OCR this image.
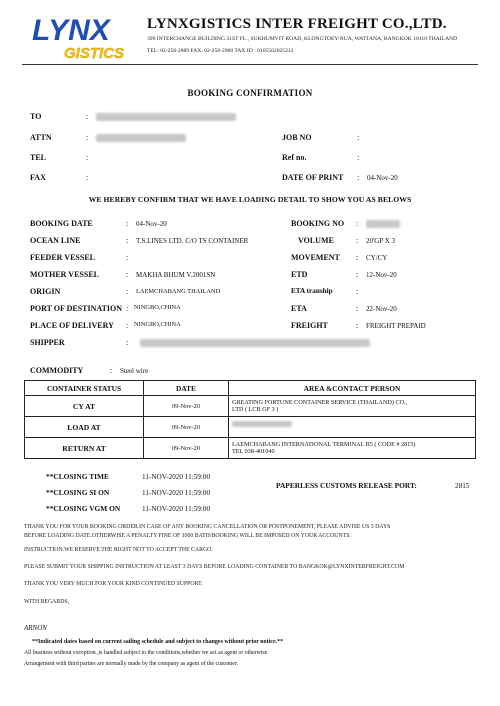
LYNX
GISTICS
LYNXGISTICS INTER FREIGHT CO.,LTD.
399 INTERCHANGE BUILDING 31ST FL., SUKHUMVIT ROAD, KLONGTOEY-NUA, WATTANA, BANGKOK 10110 THAILAND
TEL: 02-258-2889 FAX: 02-258-2900 TAX ID : 0105562025212
BOOKING CONFIRMATION
TO	:
ATTN	:
TEL	:
FAX	:
JOB NO	:
Ref no.	:
DATE OF PRINT : 04-Nov-20
WE HEREBY CONFIRM THAT WE HAVE LOADING DETAIL TO SHOW YOU AS BELOWS
BOOKING DATE	: 04-Nov-20
OCEAN LINE	: T.S.LINES LTD. C/O TS CONTAINER
FEEDER VESSEL	:
MOTHER VESSEL	: MAKHA BHUM V.2001SN
ORIGIN	: LAEMCHABANG THAILAND
PORT OF DESTINATION : NINGBO,CHINA
PLACE OF DELIVERY : NINGBO,CHINA
SHIPPER	:
COMMODITY	: Steel wire
BOOKING NO :
VOLUME	: 20'GP X 3
MOVEMENT : CY/CY
ETD	: 12-Nov-20
ETA tranship	:
ETA	: 22-Nov-20
FREIGHT	: FREIGHT PREPAID
CONTAINER STATUS	DATE	AREA &CONTACT PERSON
CY AT	09-Nov-20	GREATING FORTUNE CONTAINER SERVICE (THAILAND) CO.,
LTD ( LCB GF 3 )
LOAD AT	09-Nov-20	

RETURN AT	09-Nov-20	LAEMCHABANG INTERNATIONAL TERMINAL B5 ( CODE # 2815)
TEL 038-401040
**CLOSING TIME	11-NOV-2020 11:59:00
**CLOSING SI ON	11-NOV-2020 11:59:00
**CLOSING VGM ON	11-NOV-2020 11:59:00
PAPERLESS CUSTOMS RELEASE PORT:	2815
THANK YOU FOR YOUR BOOKING ORDER.IN CASE OF ANY BOOKING CANCELLATION OR POSTPONEMENT, PLEASE ADVISE US 3 DAYS
BEFORE LOADING DATE.OTHERWISE A PENALTY FINE OF 1000 BATH/BOOKING WILL BE IMPOSED ON YOUR ACCOUNTS.
INSTRUCTION.WE RESERVE THE RIGHT NOT TO ACCEPT THE CARGO.
PLEASE SUBMIT YOUR SHIPPING INSTRUCTION AT LEAST 3 DAYS BEFORE LOADING CONTAINER TO BANGKOK@LYNXINTERFREIGHT.COM
THANK YOU VERY MUCH FOR YOUR KIND CONTINUED SUPPORT.
WITH REGARDS,
ARNON
**Indicated dates based on current sailing schedule and subject to changes without prior notice.**
All business without exception ,is handled subject to the conditions,whether we act as agent or otherwise.
Arrangement with third parties are normally made by the company as agent of the customer.
